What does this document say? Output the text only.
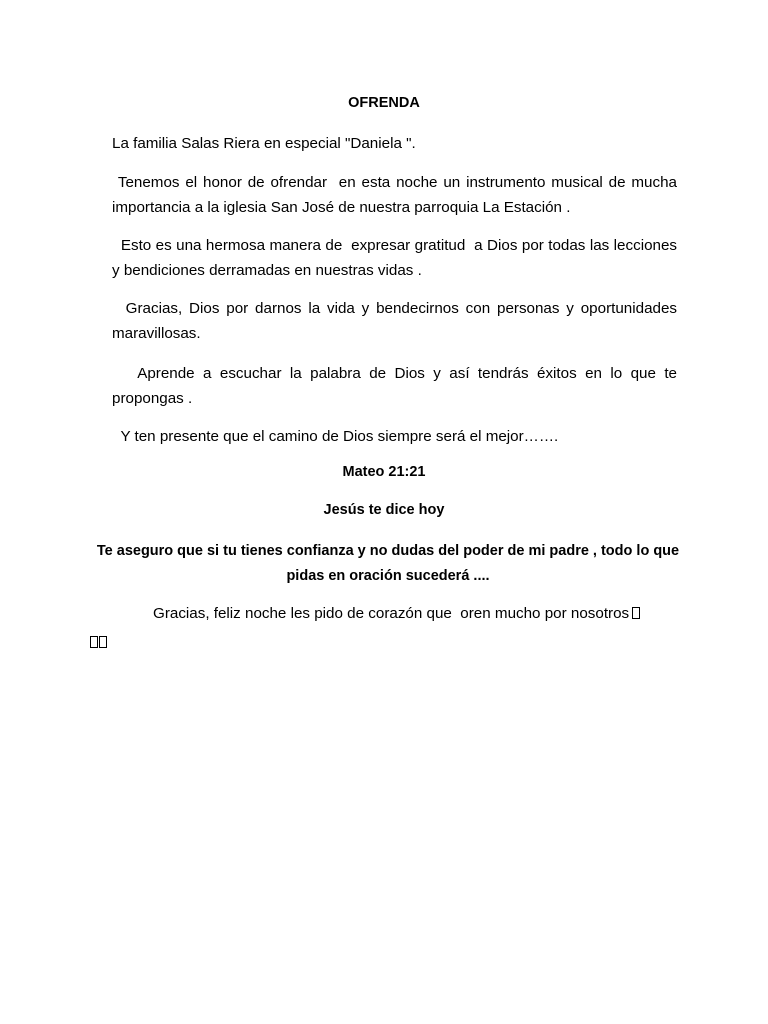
OFRENDA
La familia Salas Riera en especial "Daniela ".
Tenemos el honor de ofrendar  en esta noche un instrumento musical de mucha importancia a la iglesia San José de nuestra parroquia La Estación .
Esto es una hermosa manera de  expresar gratitud  a Dios por todas las lecciones y bendiciones derramadas en nuestras vidas .
Gracias, Dios por darnos la vida y bendecirnos con personas y oportunidades maravillosas.
Aprende a escuchar la palabra de Dios y así tendrás éxitos en lo que te propongas .
Y ten presente que el camino de Dios siempre será el mejor…….
Mateo 21:21
Jesús te dice hoy
Te aseguro que si tu tienes confianza y no dudas del poder de mi padre , todo lo que pidas en oración sucederá ....
Gracias, feliz noche les pido de corazón que  oren mucho por nosotros
